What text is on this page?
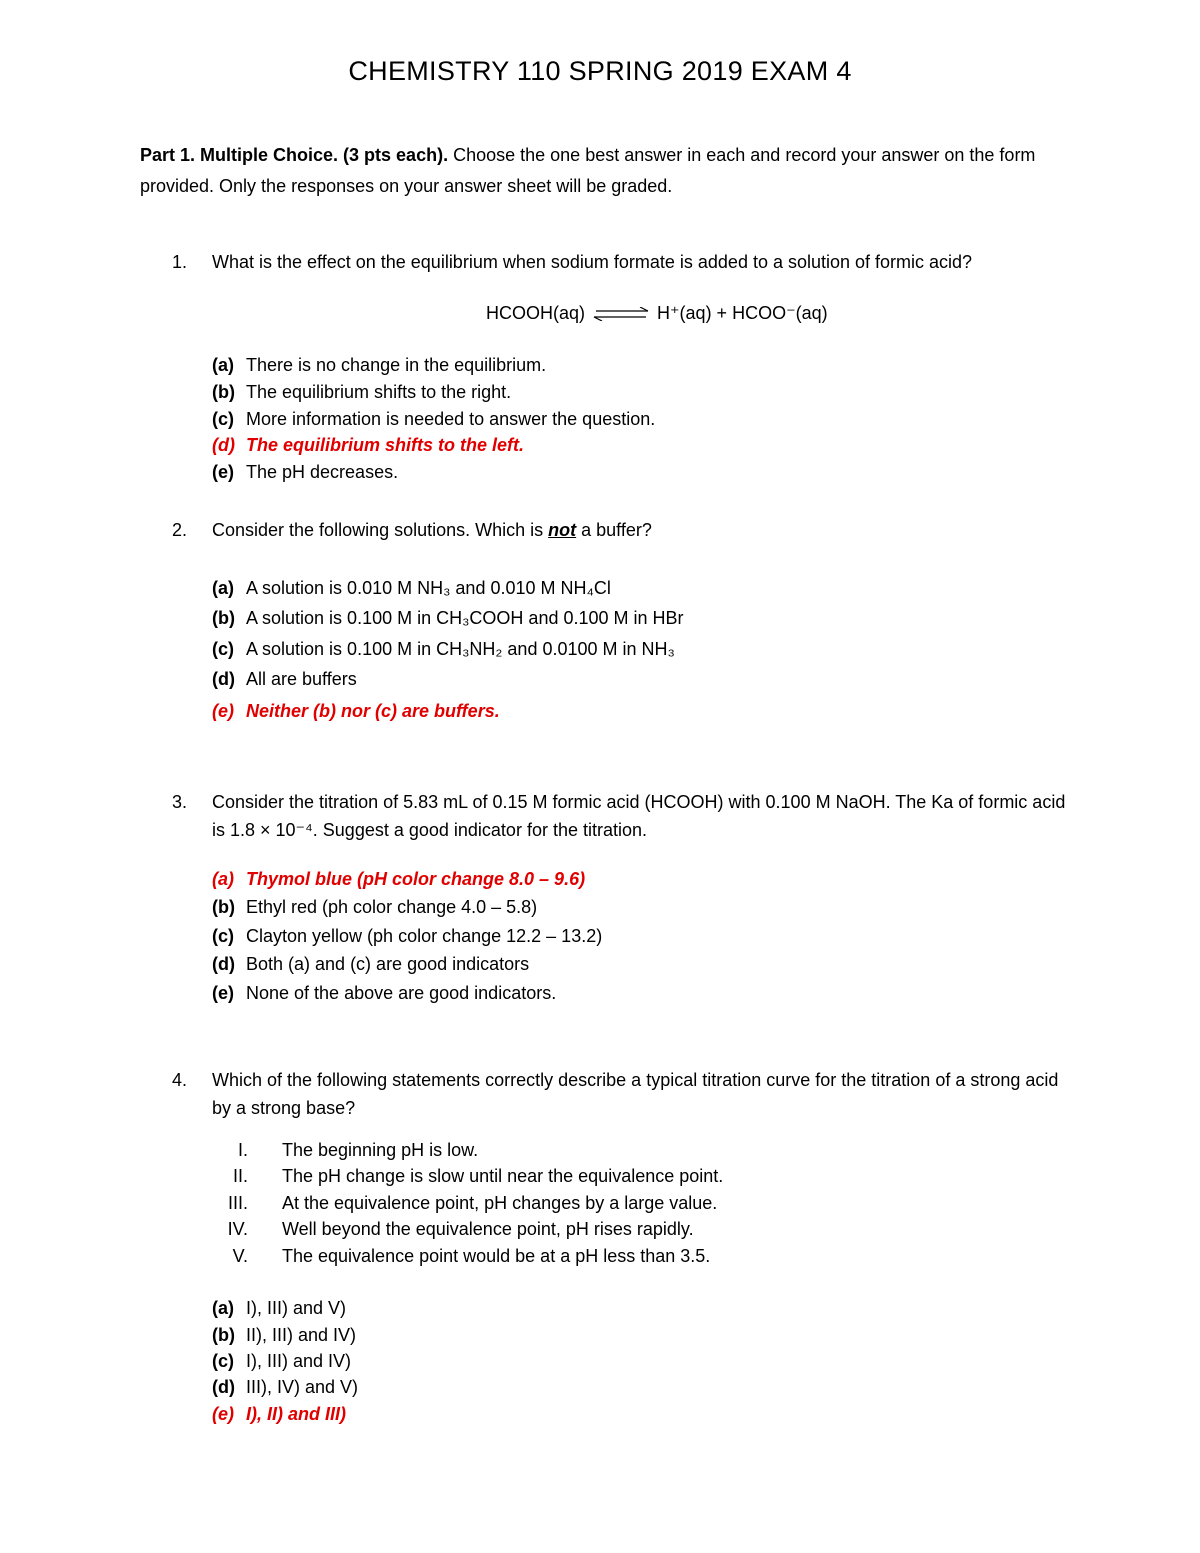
CHEMISTRY 110 SPRING 2019 EXAM 4
Part 1. Multiple Choice. (3 pts each). Choose the one best answer in each and record your answer on the form provided. Only the responses on your answer sheet will be graded.
1. What is the effect on the equilibrium when sodium formate is added to a solution of formic acid?
HCOOH(aq) ⇌ H⁺(aq) + HCOO⁻(aq)
(a) There is no change in the equilibrium.
(b) The equilibrium shifts to the right.
(c) More information is needed to answer the question.
(d) The equilibrium shifts to the left.
(e) The pH decreases.
2. Consider the following solutions. Which is not a buffer?
(a) A solution is 0.010 M NH₃ and 0.010 M NH₄Cl
(b) A solution is 0.100 M in CH₃COOH and 0.100 M in HBr
(c) A solution is 0.100 M in CH₃NH₂ and 0.0100 M in NH₃
(d) All are buffers
(e) Neither (b) nor (c) are buffers.
3. Consider the titration of 5.83 mL of 0.15 M formic acid (HCOOH) with 0.100 M NaOH. The Ka of formic acid is 1.8 × 10⁻⁴. Suggest a good indicator for the titration.
(a) Thymol blue (pH color change 8.0 – 9.6)
(b) Ethyl red (ph color change 4.0 – 5.8)
(c) Clayton yellow (ph color change 12.2 – 13.2)
(d) Both (a) and (c) are good indicators
(e) None of the above are good indicators.
4. Which of the following statements correctly describe a typical titration curve for the titration of a strong acid by a strong base?
I. The beginning pH is low.
II. The pH change is slow until near the equivalence point.
III. At the equivalence point, pH changes by a large value.
IV. Well beyond the equivalence point, pH rises rapidly.
V. The equivalence point would be at a pH less than 3.5.
(a) I), III) and V)
(b) II), III) and IV)
(c) I), III) and IV)
(d) III), IV) and V)
(e) I), II) and III)
